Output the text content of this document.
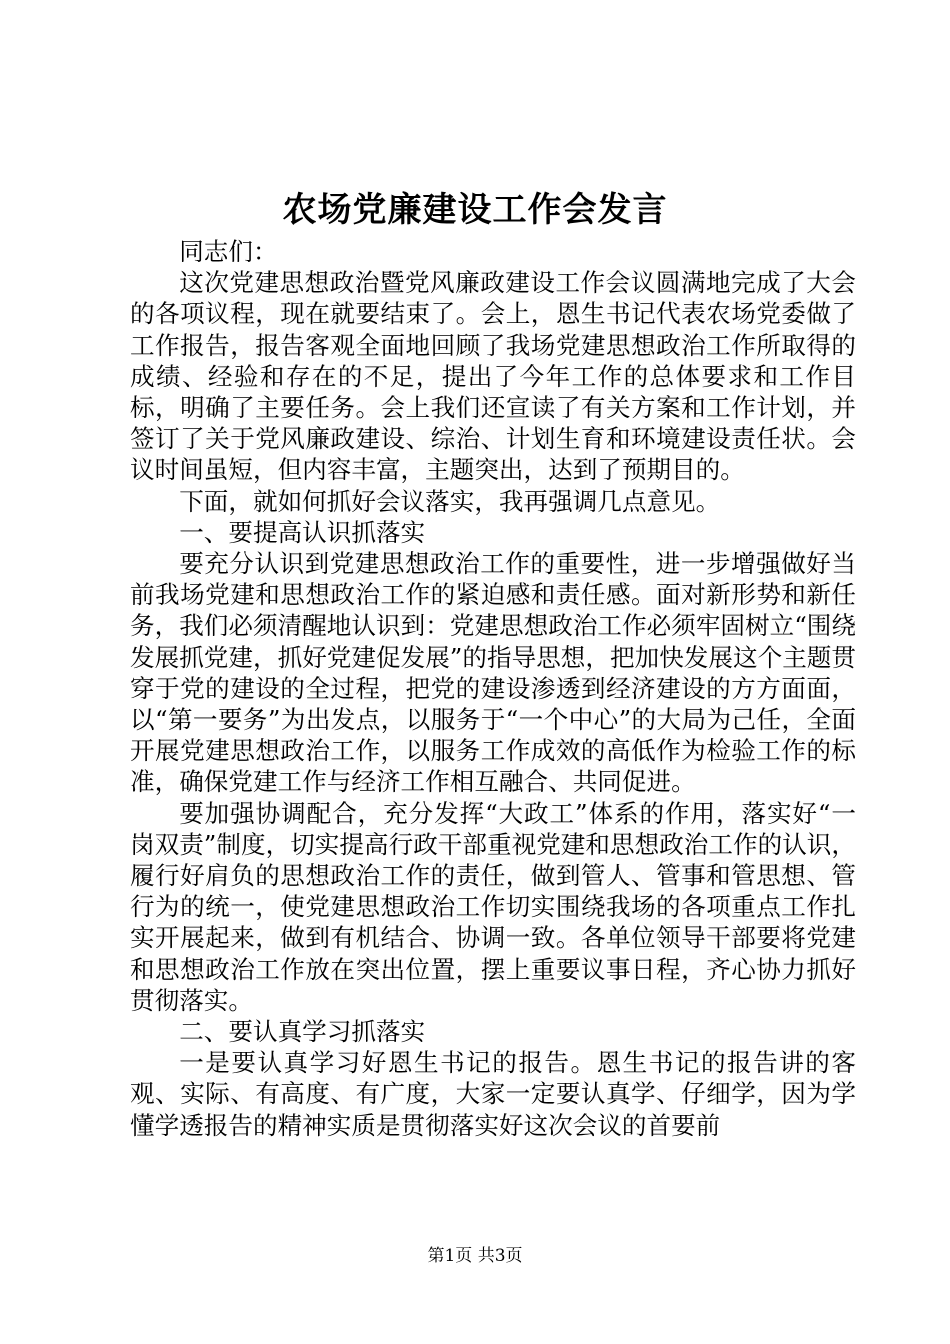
农场党廉建设工作会发言

同志们：

这次党建思想政治暨党风廉政建设工作会议圆满地完成了大会的各项议程，现在就要结束了。会上，恩生书记代表农场党委做了工作报告，报告客观全面地回顾了我场党建思想政治工作所取得的成绩、经验和存在的不足，提出了今年工作的总体要求和工作目标，明确了主要任务。会上我们还宣读了有关方案和工作计划，并签订了关于党风廉政建设、综治、计划生育和环境建设责任状。会议时间虽短，但内容丰富，主题突出，达到了预期目的。

下面，就如何抓好会议落实，我再强调几点意见。

一、要提高认识抓落实

要充分认识到党建思想政治工作的重要性，进一步增强做好当前我场党建和思想政治工作的紧迫感和责任感。面对新形势和新任务，我们必须清醒地认识到：党建思想政治工作必须牢固树立“围绕发展抓党建，抓好党建促发展”的指导思想，把加快发展这个主题贯穿于党的建设的全过程，把党的建设渗透到经济建设的方方面面，以“第一要务”为出发点，以服务于“一个中心”的大局为己任，全面开展党建思想政治工作，以服务工作成效的高低作为检验工作的标准，确保党建工作与经济工作相互融合、共同促进。

要加强协调配合，充分发挥“大政工”体系的作用，落实好“一岗双责”制度，切实提高行政干部重视党建和思想政治工作的认识，履行好肩负的思想政治工作的责任，做到管人、管事和管思想、管行为的统一，使党建思想政治工作切实围绕我场的各项重点工作扎实开展起来，做到有机结合、协调一致。各单位领导干部要将党建和思想政治工作放在突出位置，摆上重要议事日程，齐心协力抓好贯彻落实。

二、要认真学习抓落实

一是要认真学习好恩生书记的报告。恩生书记的报告讲的客观、实际、有高度、有广度，大家一定要认真学、仔细学，因为学懂学透报告的精神实质是贯彻落实好这次会议的首要前

第1页 共3页
